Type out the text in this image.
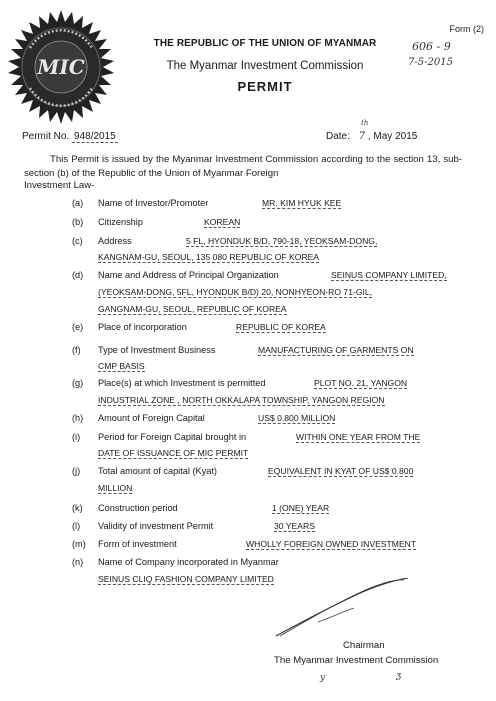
MIC
Form (2)
THE REPUBLIC OF THE UNION OF MYANMAR
The Myanmar Investment Commission
PERMIT
606 - 9
7-5-2015
Permit No. 948/2015	Date: 7
th
, May 2015
This Permit is issued by the Myanmar Investment Commission according to the section 13, sub-section (b) of the Republic of the Union of Myanmar Foreign
Investment Law-
(a) Name of Investor/Promoter	MR. KIM HYUK KEE
(b) Citizenship	KOREAN
(c) Address	5 FL, HYONDUK B/D, 790-18, YEOKSAM-DONG,
KANGNAM-GU, SEOUL, 135 080 REPUBLIC OF KOREA
(d) Name and Address of Principal Organization	SEINUS COMPANY LIMITED,
(YEOKSAM-DONG, 5FL, HYONDUK B/D) 20, NONHYEON-RO 71-GIL,
GANGNAM-GU, SEOUL, REPUBLIC OF KOREA
(e) Place of incorporation	REPUBLIC OF KOREA
(f) Type of Investment Business	MANUFACTURING OF GARMENTS ON
CMP BASIS
(g) Place(s) at which Investment is permitted	PLOT NO. 21, YANGON
INDUSTRIAL ZONE , NORTH OKKALAPA TOWNSHIP, YANGON REGION
(h) Amount of Foreign Capital	US$ 0.800 MILLION
(i) Period for Foreign Capital brought in	WITHIN ONE YEAR FROM THE
DATE OF ISSUANCE OF MIC PERMIT
(j) Total amount of capital (Kyat)	EQUIVALENT IN KYAT OF US$ 0.800
MILLION
(k) Construction period	1 (ONE) YEAR
(l) Validity of investment Permit	30 YEARS
(m) Form of investment	WHOLLY FOREIGN OWNED INVESTMENT
(n) Name of Company incorporated in Myanmar
SEINUS CLIQ FASHION COMPANY LIMITED
Chairman
The Myanmar Investment Commission
y	ʒ
